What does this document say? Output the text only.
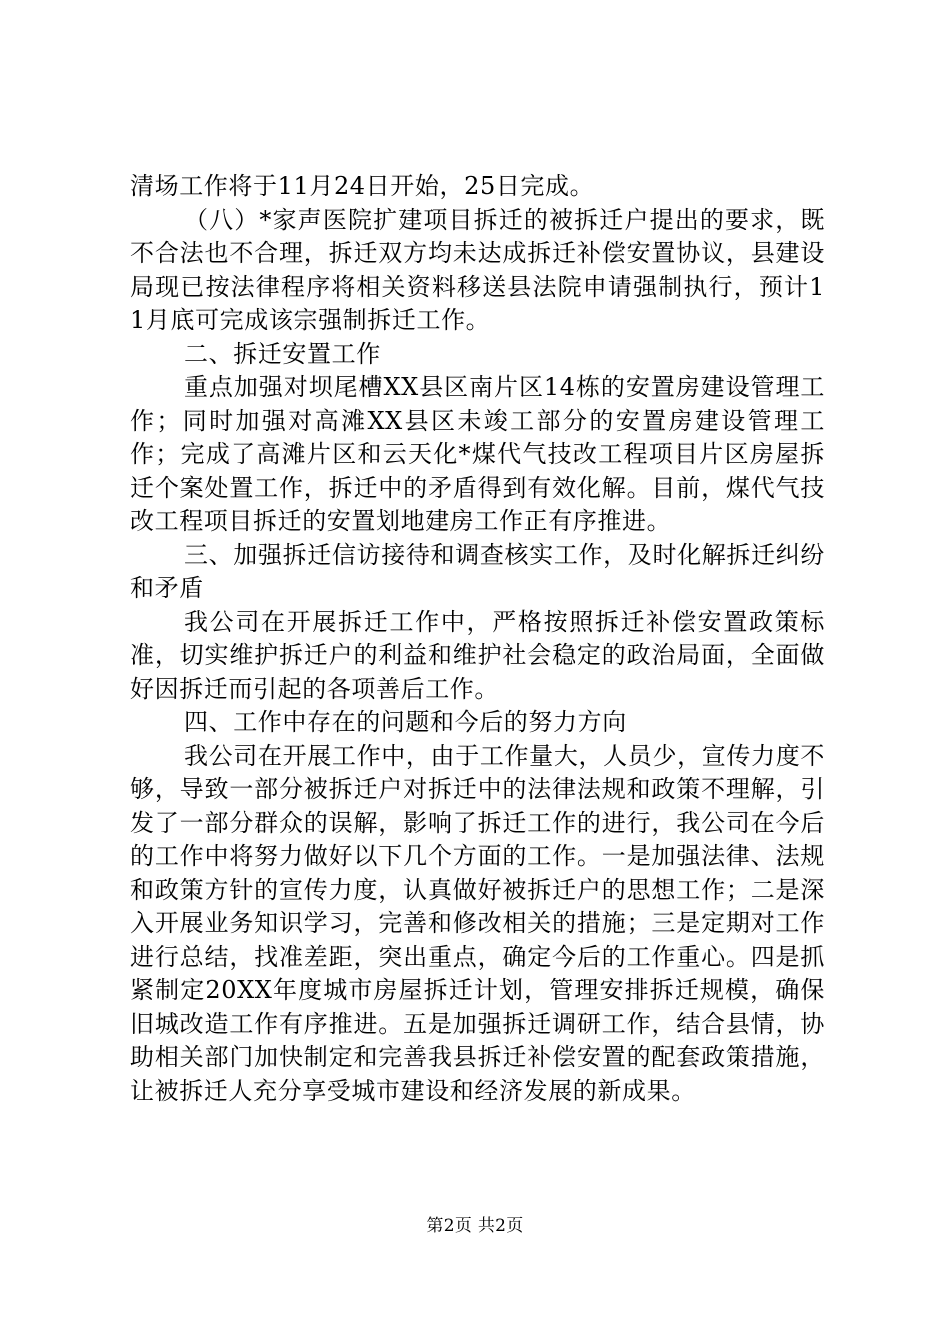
清场工作将于11月24日开始，25日完成。

（八）*家声医院扩建项目拆迁的被拆迁户提出的要求，既不合法也不合理，拆迁双方均未达成拆迁补偿安置协议，县建设局现已按法律程序将相关资料移送县法院申请强制执行，预计11月底可完成该宗强制拆迁工作。

二、拆迁安置工作

重点加强对坝尾槽XX县区南片区14栋的安置房建设管理工作；同时加强对高滩XX县区未竣工部分的安置房建设管理工作；完成了高滩片区和云天化*煤代气技改工程项目片区房屋拆迁个案处置工作，拆迁中的矛盾得到有效化解。目前，煤代气技改工程项目拆迁的安置划地建房工作正有序推进。

三、加强拆迁信访接待和调查核实工作，及时化解拆迁纠纷和矛盾

我公司在开展拆迁工作中，严格按照拆迁补偿安置政策标准，切实维护拆迁户的利益和维护社会稳定的政治局面，全面做好因拆迁而引起的各项善后工作。

四、工作中存在的问题和今后的努力方向

我公司在开展工作中，由于工作量大，人员少，宣传力度不够，导致一部分被拆迁户对拆迁中的法律法规和政策不理解，引发了一部分群众的误解，影响了拆迁工作的进行，我公司在今后的工作中将努力做好以下几个方面的工作。一是加强法律、法规和政策方针的宣传力度，认真做好被拆迁户的思想工作；二是深入开展业务知识学习，完善和修改相关的措施；三是定期对工作进行总结，找准差距，突出重点，确定今后的工作重心。四是抓紧制定20XX年度城市房屋拆迁计划，管理安排拆迁规模，确保旧城改造工作有序推进。五是加强拆迁调研工作，结合县情，协助相关部门加快制定和完善我县拆迁补偿安置的配套政策措施，让被拆迁人充分享受城市建设和经济发展的新成果。

第2页 共2页
